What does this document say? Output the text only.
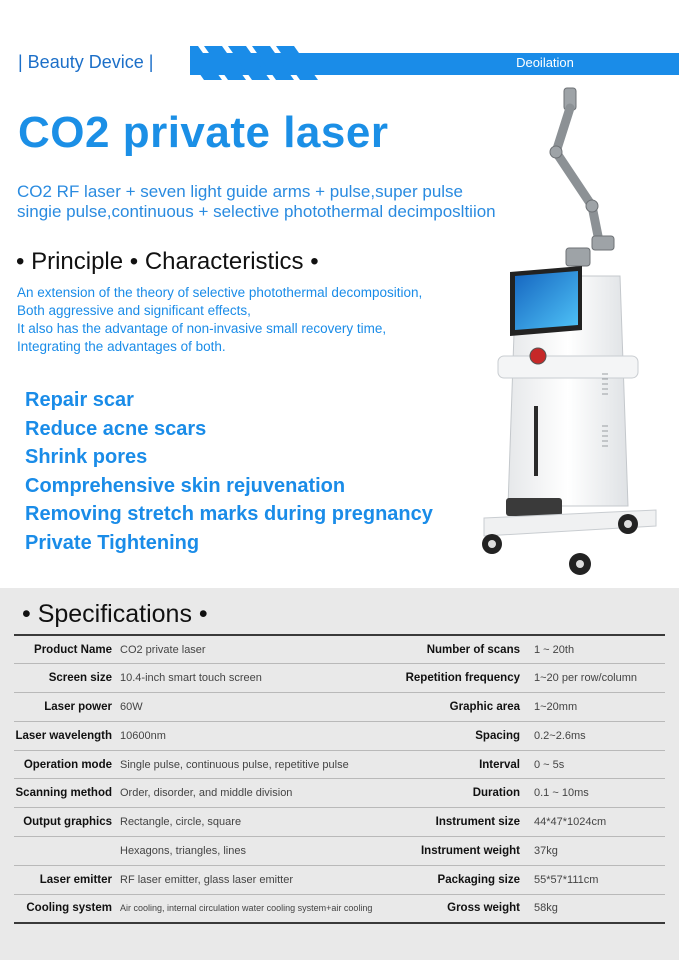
| Beauty Device |	Deoilation
CO2 private laser
CO2 RF laser + seven light guide arms + pulse,super pulse
singie pulse,continuous + selective photothermal decimposltiion
• Principle • Characteristics •
An extension of the theory of selective photothermal decomposition,
Both aggressive and significant effects,
It also has the advantage of non-invasive small recovery time,
Integrating the advantages of both.
Repair scar
Reduce acne scars
Shrink pores
Comprehensive skin rejuvenation
Removing stretch marks during pregnancy
Private Tightening
• Specifications •
Product Name	CO2 private laser	Number of scans	1 ~ 20th
Screen size	10.4-inch smart touch screen	Repetition frequency	1~20 per row/column
Laser power	60W	Graphic area	1~20mm
Laser wavelength	10600nm	Spacing	0.2~2.6ms
Operation mode	Single pulse, continuous pulse, repetitive pulse	Interval	0 ~ 5s
Scanning method	Order, disorder, and middle division	Duration	0.1 ~ 10ms
Output graphics	Rectangle, circle, square	Instrument size	44*47*1024cm
	Hexagons, triangles, lines	Instrument weight	37kg
Laser emitter	RF laser emitter, glass laser emitter	Packaging size	55*57*111cm
Cooling system	Air cooling, internal circulation water cooling system+air cooling	Gross weight	58kg
